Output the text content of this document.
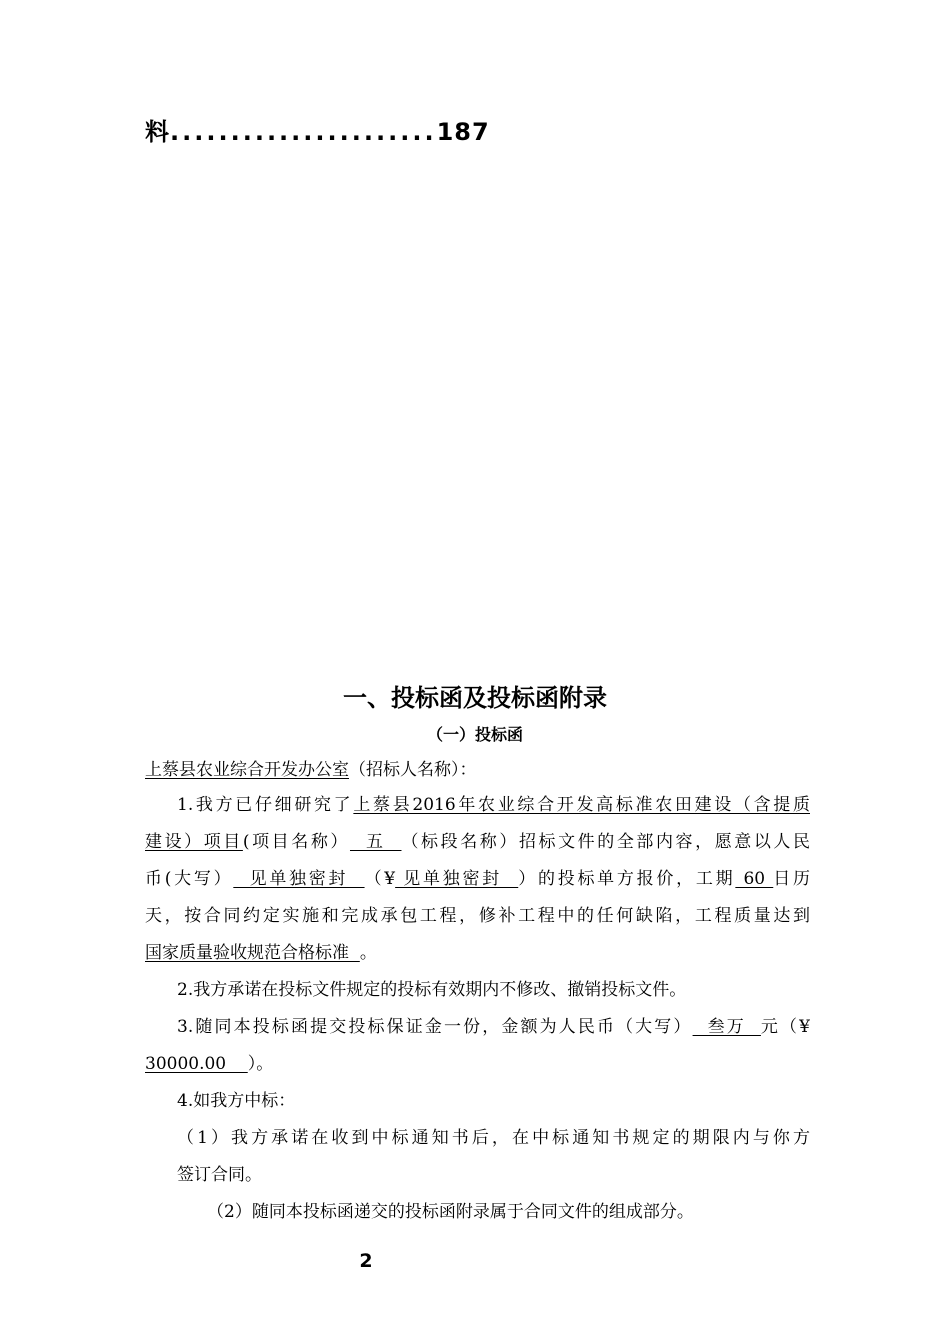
料......................187
一、投标函及投标函附录
（一）投标函
上蔡县农业综合开发办公室（招标人名称）：
1.我方已仔细研究了上蔡县2016年农业综合开发高标准农田建设（含提质
建设）项目(项目名称）  五  （标段名称）招标文件的全部内容，愿意以人民
币(大写）  见单独密封  （¥ 见单独密封  ）的投标单方报价，工期 60 日历
天，按合同约定实施和完成承包工程，修补工程中的任何缺陷，工程质量达到
国家质量验收规范合格标准  。
2.我方承诺在投标文件规定的投标有效期内不修改、撤销投标文件。
3.随同本投标函提交投标保证金一份，金额为人民币（大写）  叁万  元（¥
30000.00    ）。
4.如我方中标：
（1）我方承诺在收到中标通知书后，在中标通知书规定的期限内与你方
签订合同。
（2）随同本投标函递交的投标函附录属于合同文件的组成部分。
2
